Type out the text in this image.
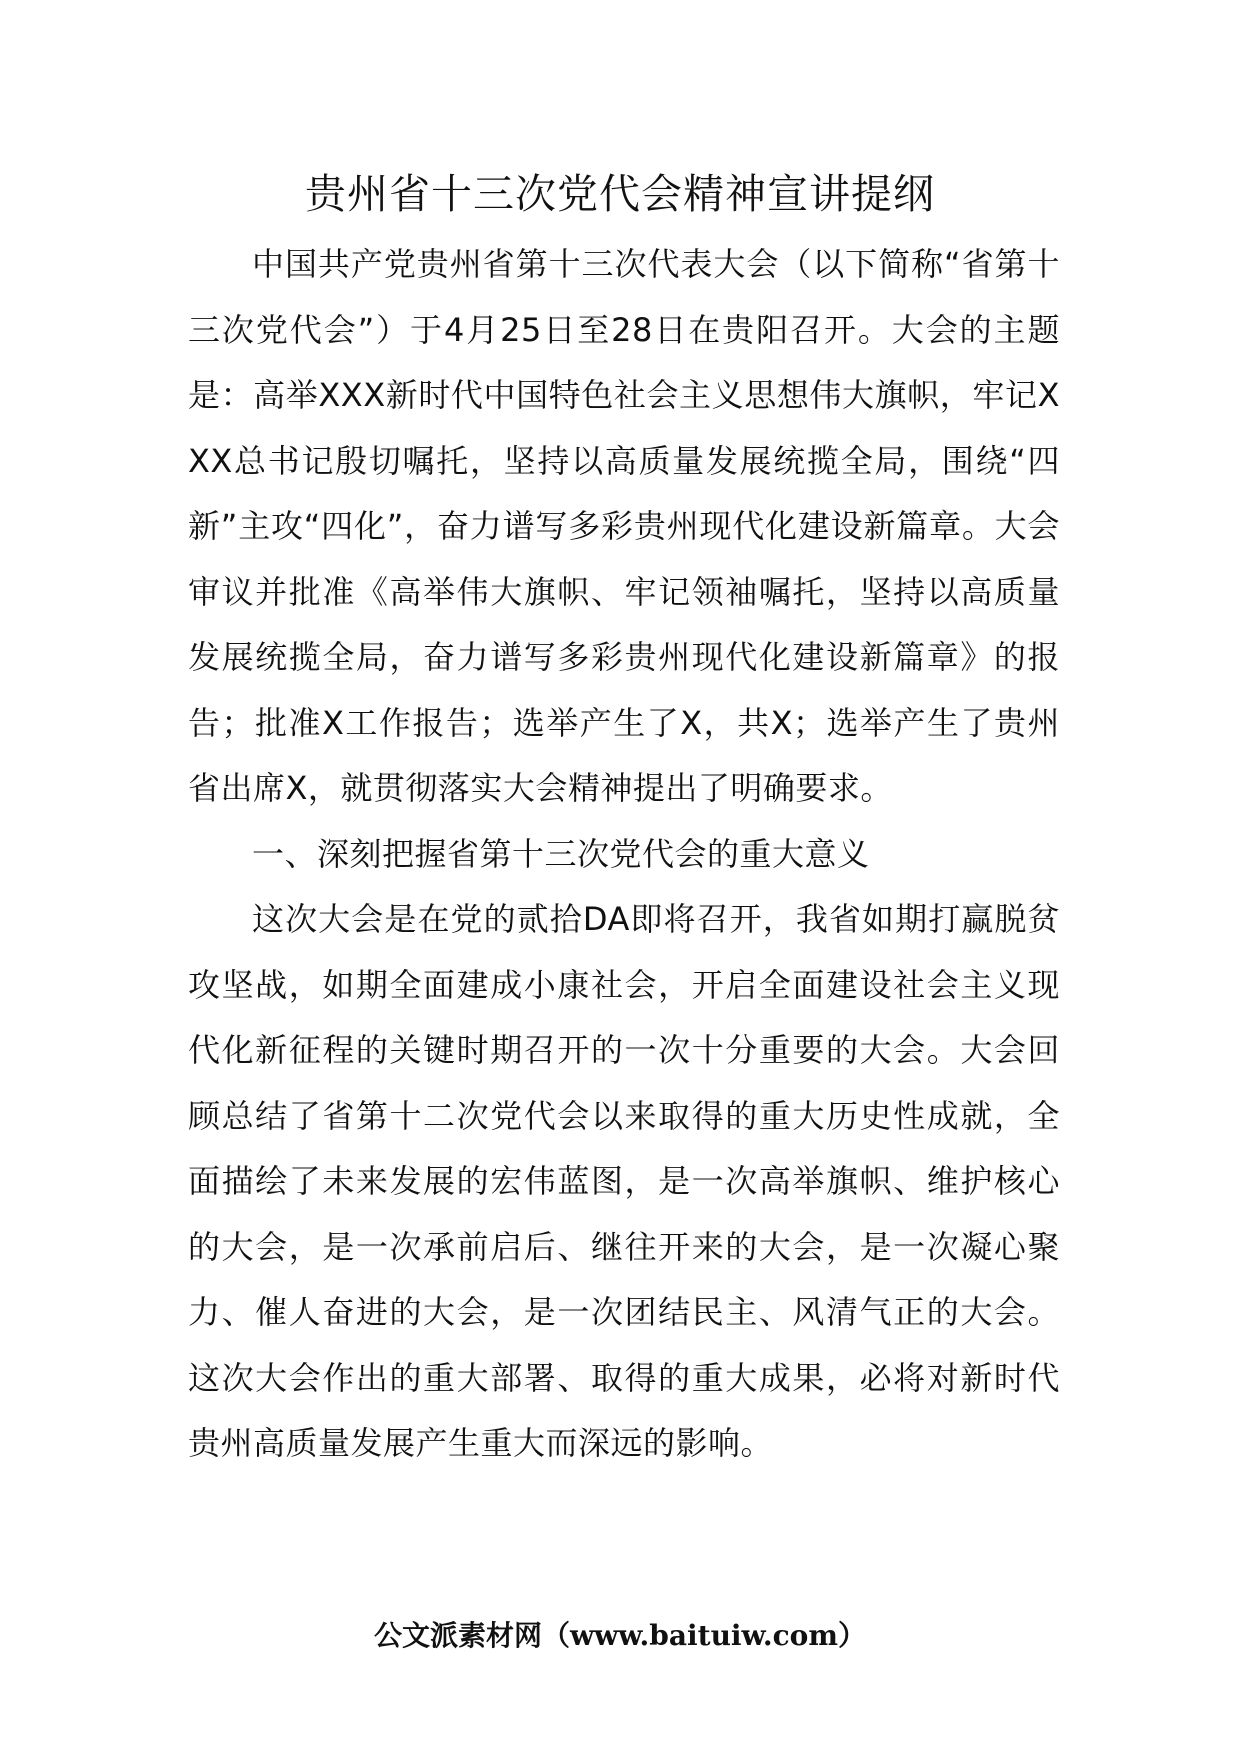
贵州省十三次党代会精神宣讲提纲

中国共产党贵州省第十三次代表大会（以下简称“省第十三次党代会”）于4月25日至28日在贵阳召开。大会的主题是：高举XXX新时代中国特色社会主义思想伟大旗帜，牢记XXX总书记殷切嘱托，坚持以高质量发展统揽全局，围绕“四新”主攻“四化”，奋力谱写多彩贵州现代化建设新篇章。大会审议并批准《高举伟大旗帜、牢记领袖嘱托，坚持以高质量发展统揽全局，奋力谱写多彩贵州现代化建设新篇章》的报告；批准X工作报告；选举产生了X，共X；选举产生了贵州省出席X，就贯彻落实大会精神提出了明确要求。

一、深刻把握省第十三次党代会的重大意义

这次大会是在党的贰拾DA即将召开，我省如期打赢脱贫攻坚战，如期全面建成小康社会，开启全面建设社会主义现代化新征程的关键时期召开的一次十分重要的大会。大会回顾总结了省第十二次党代会以来取得的重大历史性成就，全面描绘了未来发展的宏伟蓝图，是一次高举旗帜、维护核心的大会，是一次承前启后、继往开来的大会，是一次凝心聚力、催人奋进的大会，是一次团结民主、风清气正的大会。这次大会作出的重大部署、取得的重大成果，必将对新时代贵州高质量发展产生重大而深远的影响。

公文派素材网（www.baituiw.com）
